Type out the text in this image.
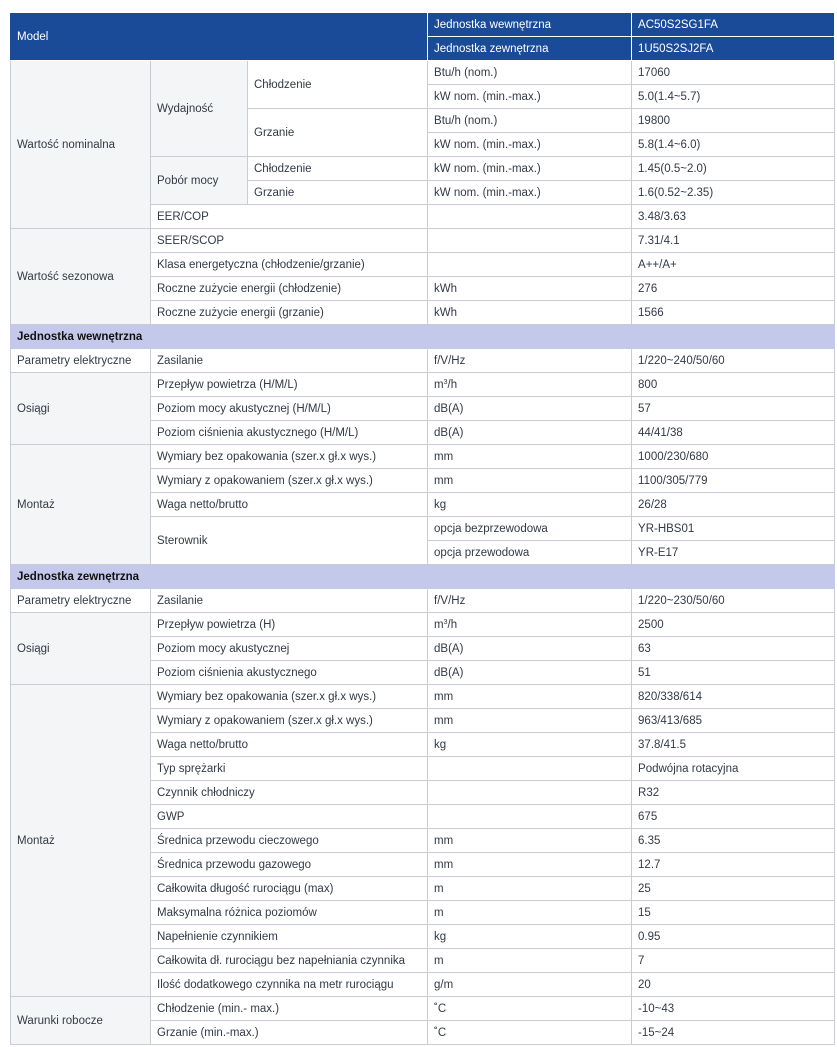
Model			Jednostka wewnętrzna	AC50S2SG1FA
			Jednostka zewnętrzna	1U50S2SJ2FA
Wartość nominalna	Wydajność	Chłodzenie	Btu/h (nom.)	17060
			kW nom. (min.-max.)	5.0(1.4~5.7)
		Grzanie	Btu/h (nom.)	19800
			kW nom. (min.-max.)	5.8(1.4~6.0)
	Pobór mocy	Chłodzenie	kW nom. (min.-max.)	1.45(0.5~2.0)
		Grzanie	kW nom. (min.-max.)	1.6(0.52~2.35)
	EER/COP			3.48/3.63
Wartość sezonowa	SEER/SCOP			7.31/4.1
	Klasa energetyczna (chłodzenie/grzanie)			A++/A+
	Roczne zużycie energii (chłodzenie)		kWh	276
	Roczne zużycie energii (grzanie)		kWh	1566
Jednostka wewnętrzna				
Parametry elektryczne	Zasilanie		f/V/Hz	1/220~240/50/60
Osiągi	Przepływ powietrza (H/M/L)		$m^3/h$	800
	Poziom mocy akustycznej (H/M/L)		dB(A)	57
	Poziom ciśnienia akustycznego (H/M/L)		dB(A)	44/41/38
Montaż	Wymiary bez opakowania (szer.x gł.x wys.)		mm	1000/230/680
	Wymiary z opakowaniem (szer.x gł.x wys.)		mm	1100/305/779
	Waga netto/brutto		kg	26/28
	Sterownik		opcja bezprzewodowa	YR-HBS01
			opcja przewodowa	YR-E17
Jednostka zewnętrzna				
Parametry elektryczne	Zasilanie		f/V/Hz	1/220~230/50/60
Osiągi	Przepływ powietrza (H)		$m^3/h$	2500
	Poziom mocy akustycznej		dB(A)	63
	Poziom ciśnienia akustycznego		dB(A)	51
Montaż	Wymiary bez opakowania (szer.x gł.x wys.)		mm	820/338/614
	Wymiary z opakowaniem (szer.x gł.x wys.)		mm	963/413/685
	Waga netto/brutto		kg	37.8/41.5
	Typ sprężarki			Podwójna rotacyjna
	Czynnik chłodniczy			R32
	GWP			675
	Średnica przewodu cieczowego		mm	6.35
	Średnica przewodu gazowego		mm	12.7
	Całkowita długość rurociągu (max)		m	25
	Maksymalna różnica poziomów		m	15
	Napełnienie czynnikiem		kg	0.95
	Całkowita dł. rurociągu bez napełniania czynnika		m	7
	Ilość dodatkowego czynnika na metr rurociągu		g/m	20
Warunki robocze	Chłodzenie (min.- max.)		˚C	-10~43
	Grzanie (min.-max.)		˚C	-15~24
